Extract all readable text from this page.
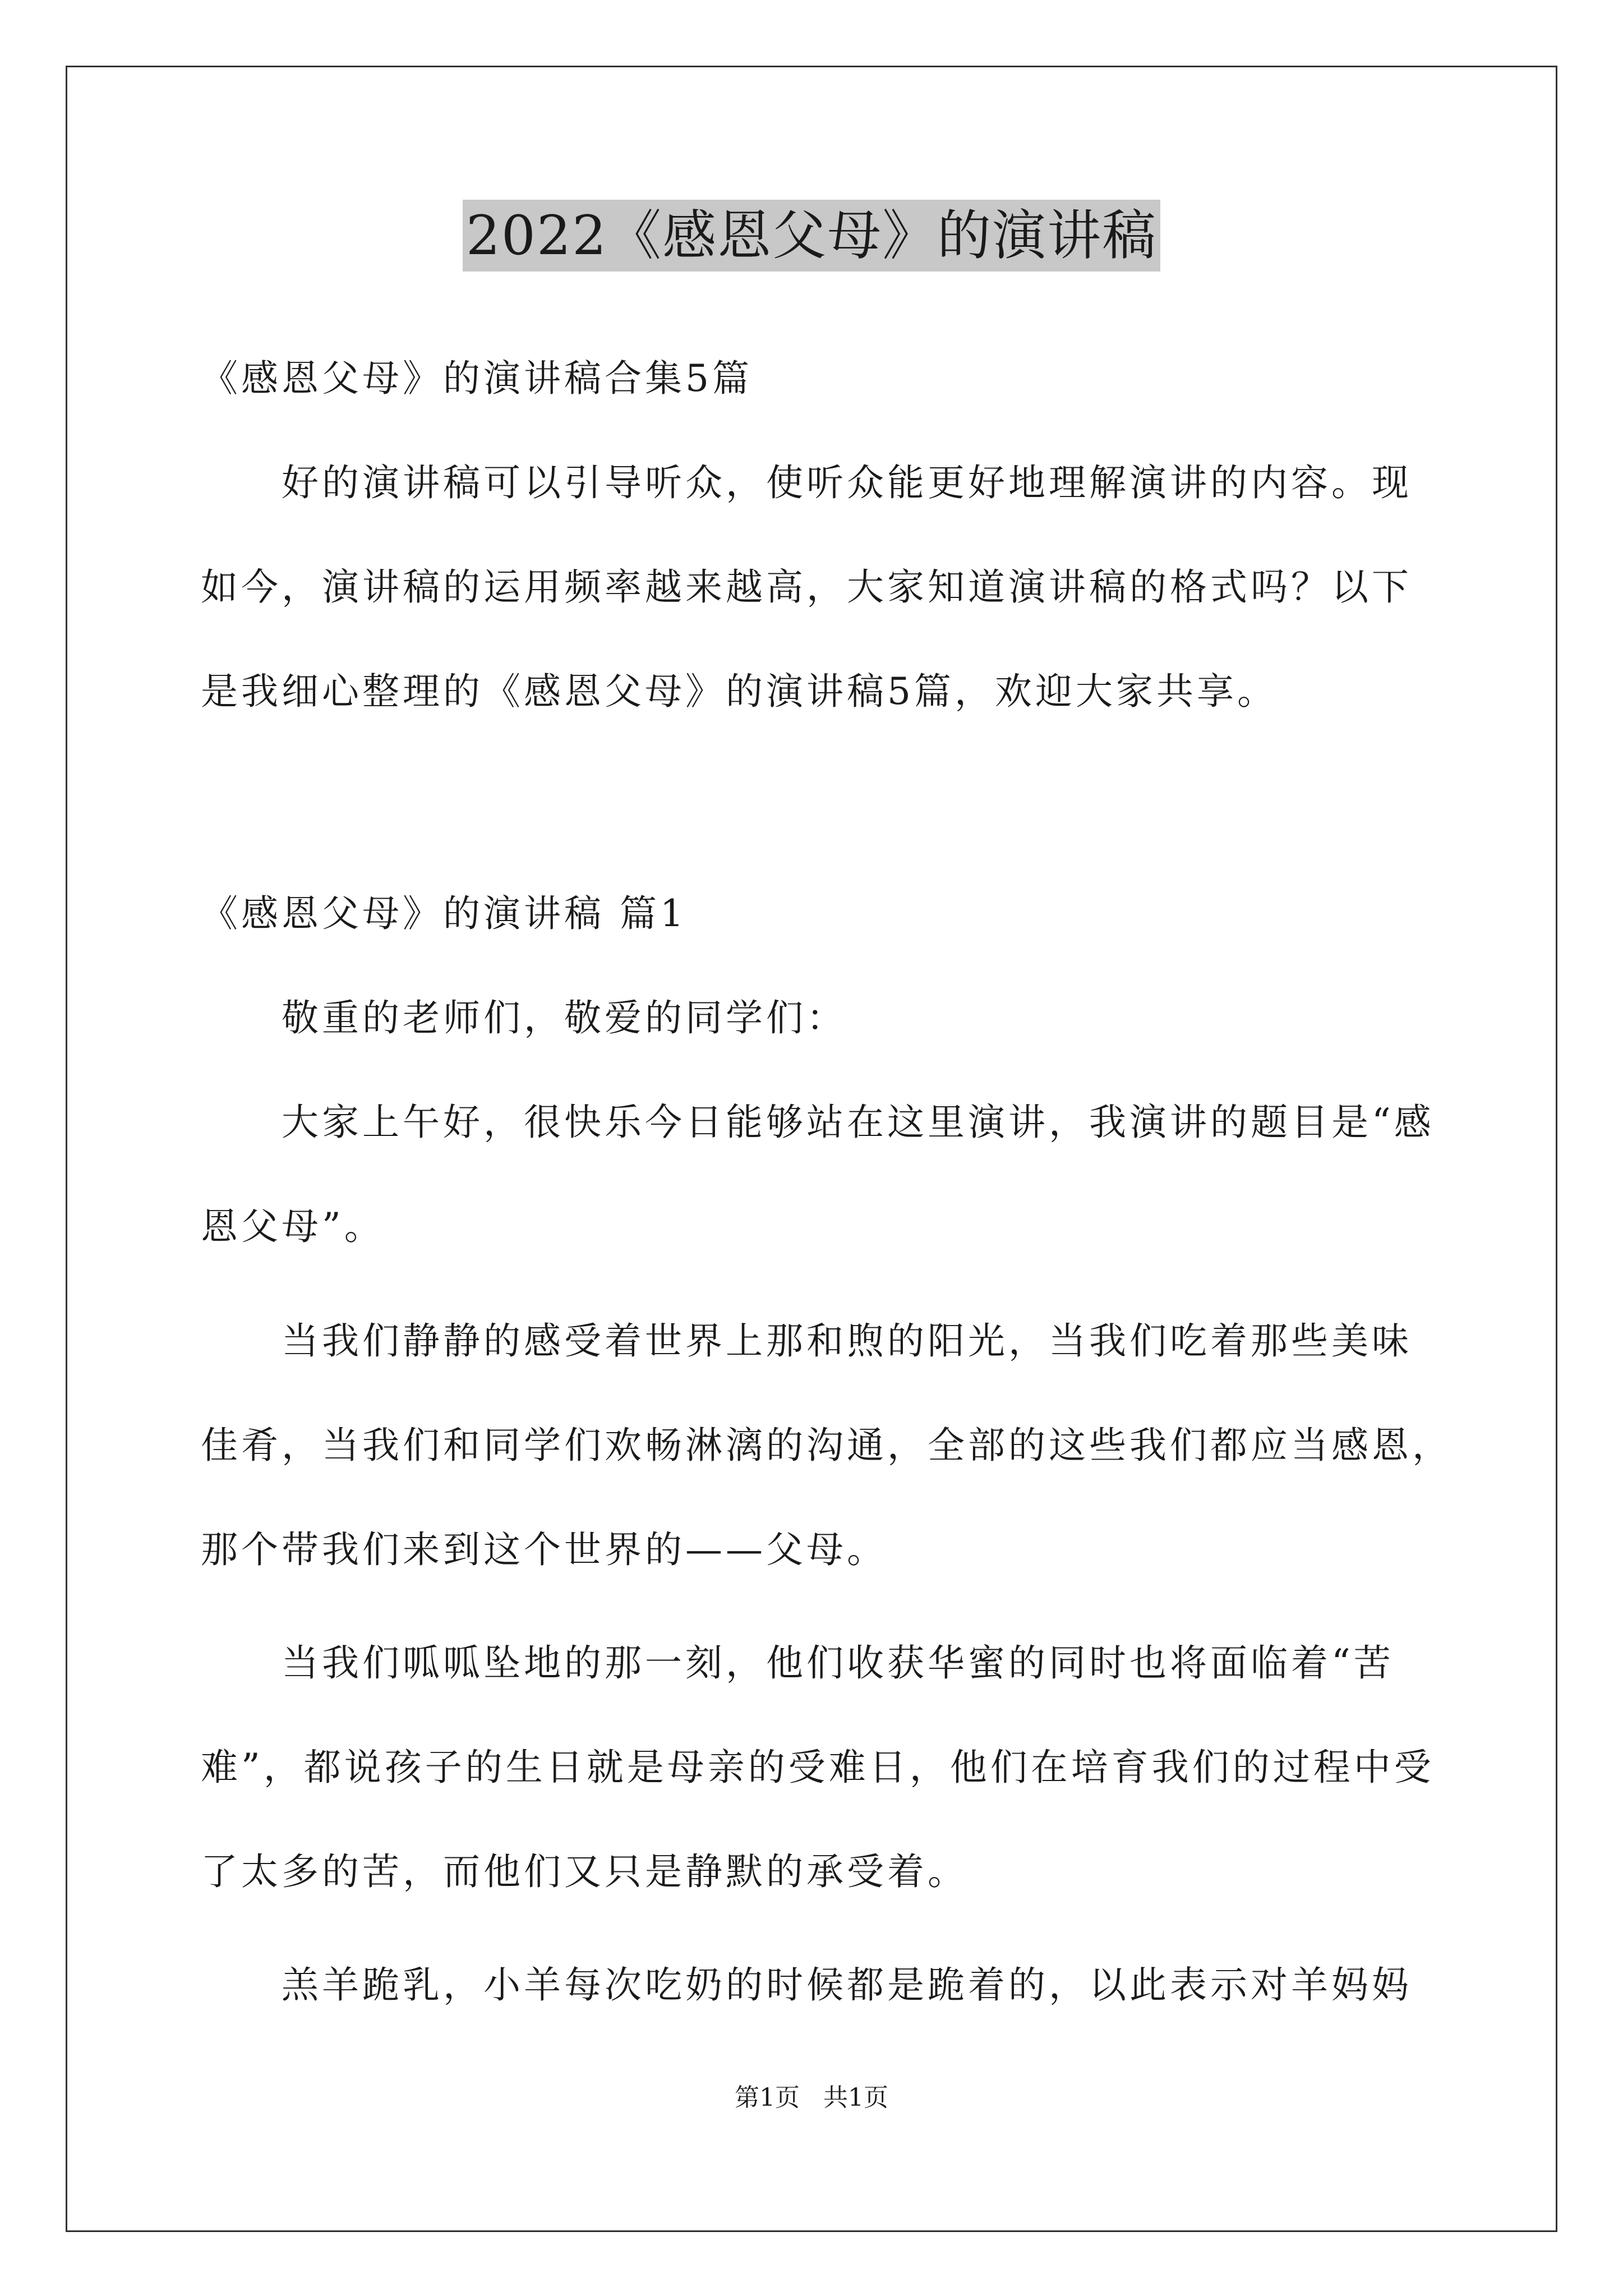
2022《感恩父母》的演讲稿
《感恩父母》的演讲稿合集5篇
好的演讲稿可以引导听众，使听众能更好地理解演讲的内容。现
如今，演讲稿的运用频率越来越高，大家知道演讲稿的格式吗？以下
是我细心整理的《感恩父母》的演讲稿5篇，欢迎大家共享。
《感恩父母》的演讲稿 篇1
敬重的老师们，敬爱的同学们：
大家上午好，很快乐今日能够站在这里演讲，我演讲的题目是“感
恩父母”。
当我们静静的感受着世界上那和煦的阳光，当我们吃着那些美味
佳肴，当我们和同学们欢畅淋漓的沟通，全部的这些我们都应当感恩，
那个带我们来到这个世界的——父母。
当我们呱呱坠地的那一刻，他们收获华蜜的同时也将面临着“苦
难”，都说孩子的生日就是母亲的受难日，他们在培育我们的过程中受
了太多的苦，而他们又只是静默的承受着。
羔羊跪乳，小羊每次吃奶的时候都是跪着的，以此表示对羊妈妈
第1页 共1页
